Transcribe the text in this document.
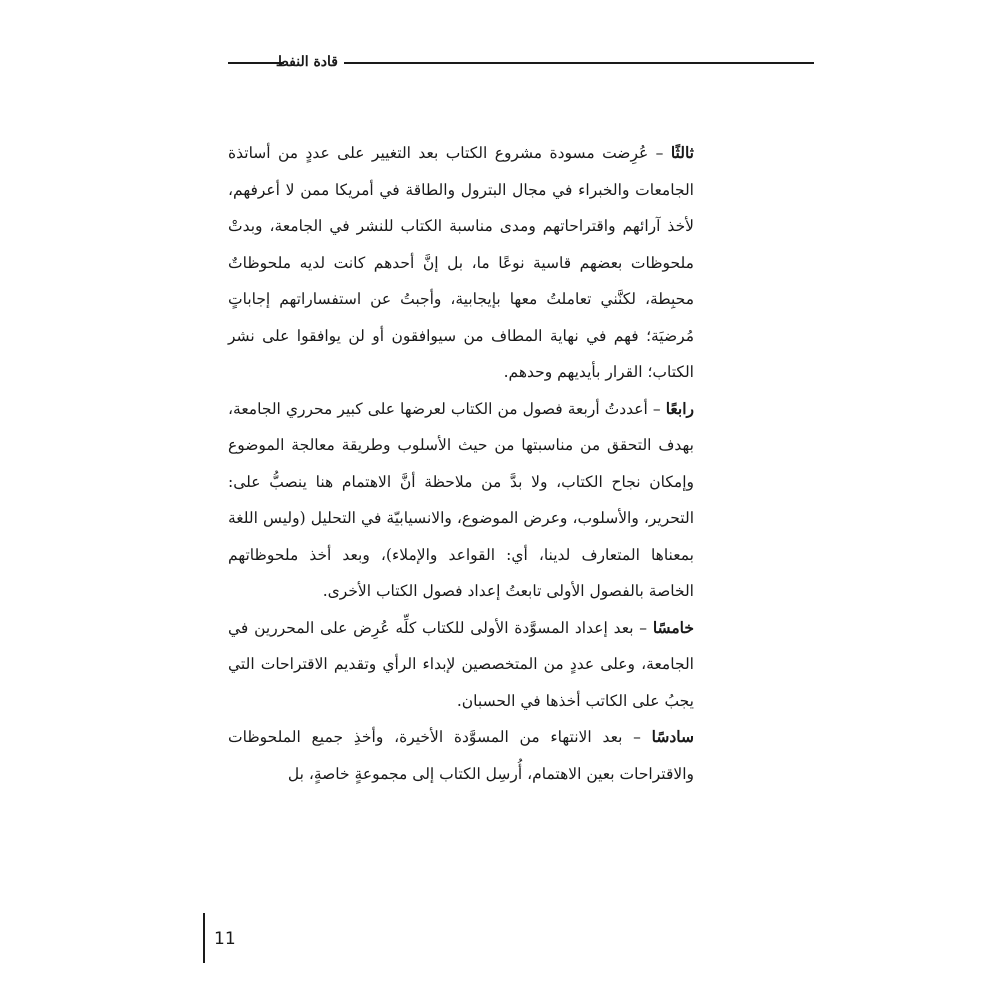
قادة النفط

ثالثًا – عُرِضت مسودة مشروع الكتاب بعد التغيير على عددٍ من أساتذة الجامعات والخبراء في مجال البترول والطاقة في أمريكا ممن لا أعرفهم، لأخذ آرائهم واقتراحاتهم ومدى مناسبة الكتاب للنشر في الجامعة، وبدتْ ملحوظات بعضهم قاسية نوعًا ما، بل إنَّ أحدهم كانت لديه ملحوظاتٌ محبِطة، لكنَّني تعاملتُ معها بإيجابية، وأجبتُ عن استفساراتهم إجاباتٍ مُرضيَة؛ فهم في نهاية المطاف من سيوافقون أو لن يوافقوا على نشر الكتاب؛ القرار بأيديهم وحدهم.

رابعًا – أعددتُ أربعة فصول من الكتاب لعرضها على كبير محرري الجامعة، بهدف التحقق من مناسبتها من حيث الأسلوب وطريقة معالجة الموضوع وإمكان نجاح الكتاب، ولا بدَّ من ملاحظة أنَّ الاهتمام هنا ينصبُّ على: التحرير، والأسلوب، وعرض الموضوع، والانسيابيّة في التحليل (وليس اللغة بمعناها المتعارف لدينا، أي: القواعد والإملاء)، وبعد أخذ ملحوظاتهم الخاصة بالفصول الأولى تابعتُ إعداد فصول الكتاب الأخرى.

خامسًا – بعد إعداد المسوَّدة الأولى للكتاب كلِّه عُرِض على المحررين في الجامعة، وعلى عددٍ من المتخصصين لإبداء الرأي وتقديم الاقتراحات التي يجبُ على الكاتب أخذها في الحسبان.

سادسًا – بعد الانتهاء من المسوَّدة الأخيرة، وأخذِ جميع الملحوظات والاقتراحات بعين الاهتمام، أُرسِل الكتاب إلى مجموعةٍ خاصةٍ، بل

11
